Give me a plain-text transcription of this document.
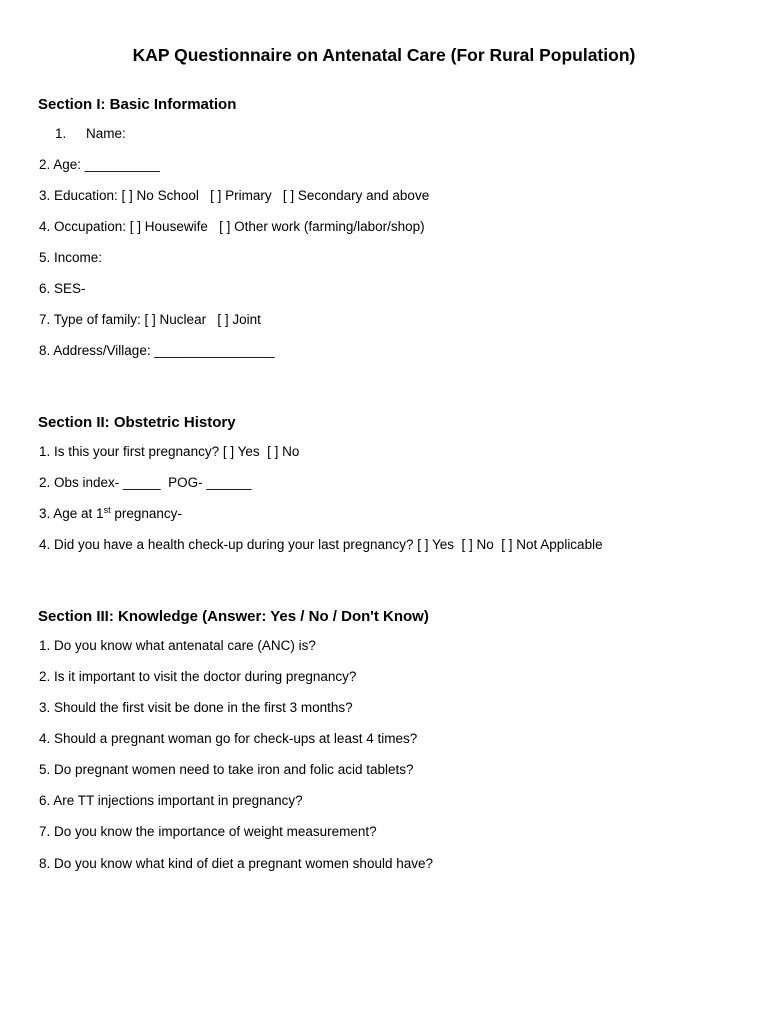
KAP Questionnaire on Antenatal Care (For Rural Population)
Section I: Basic Information

1. Name:

2. Age: __________

3. Education: [ ] No School   [ ] Primary   [ ] Secondary and above

4. Occupation: [ ] Housewife   [ ] Other work (farming/labor/shop)

5. Income:

6. SES-

7. Type of family: [ ] Nuclear   [ ] Joint

8. Address/Village: ________________

Section II: Obstetric History

1. Is this your first pregnancy? [ ] Yes  [ ] No

2. Obs index- _____  POG- ______

3. Age at 1st pregnancy-

4. Did you have a health check-up during your last pregnancy? [ ] Yes  [ ] No  [ ] Not Applicable

Section III: Knowledge (Answer: Yes / No / Don't Know)

1. Do you know what antenatal care (ANC) is?

2. Is it important to visit the doctor during pregnancy?

3. Should the first visit be done in the first 3 months?

4. Should a pregnant woman go for check-ups at least 4 times?

5. Do pregnant women need to take iron and folic acid tablets?

6. Are TT injections important in pregnancy?

7. Do you know the importance of weight measurement?

8. Do you know what kind of diet a pregnant women should have?
